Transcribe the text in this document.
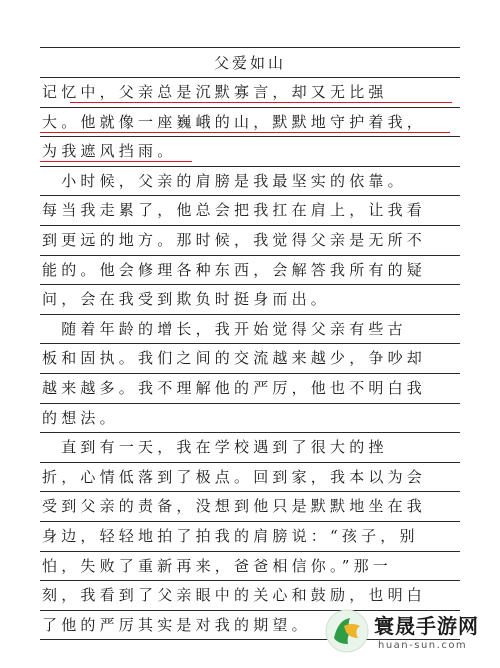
父爱如山
记忆中，父亲总是沉默寡言，却又无比强
大。他就像一座巍峨的山，默默地守护着我，
为我遮风挡雨。
　小时候，父亲的肩膀是我最坚实的依靠。
每当我走累了，他总会把我扛在肩上，让我看
到更远的地方。那时候，我觉得父亲是无所不
能的。他会修理各种东西，会解答我所有的疑
问，会在我受到欺负时挺身而出。
　随着年龄的增长，我开始觉得父亲有些古
板和固执。我们之间的交流越来越少，争吵却
越来越多。我不理解他的严厉，他也不明白我
的想法。
　直到有一天，我在学校遇到了很大的挫
折，心情低落到了极点。回到家，我本以为会
受到父亲的责备，没想到他只是默默地坐在我
身边，轻轻地拍了拍我的肩膀说：“孩子，别
怕，失败了重新再来，爸爸相信你。”那一
刻，我看到了父亲眼中的关心和鼓励，也明白
了他的严厉其实是对我的期望。	寰晟手游网
huan-sun.com
